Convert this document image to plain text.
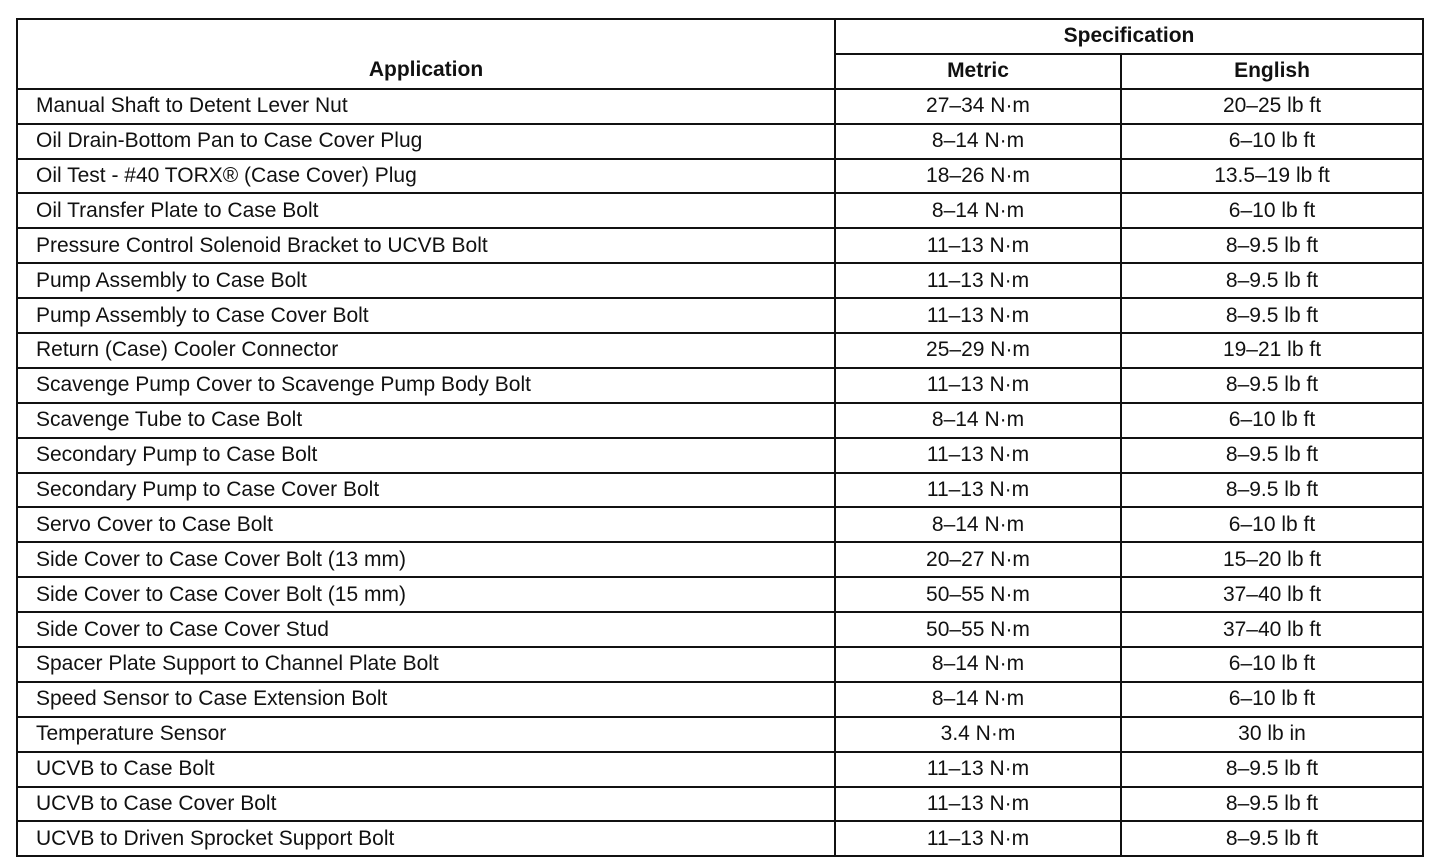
Application	Specification	
	Metric	English
Manual Shaft to Detent Lever Nut	27–34 N·m	20–25 lb ft
Oil Drain-Bottom Pan to Case Cover Plug	8–14 N·m	6–10 lb ft
Oil Test - #40 TORX® (Case Cover) Plug	18–26 N·m	13.5–19 lb ft
Oil Transfer Plate to Case Bolt	8–14 N·m	6–10 lb ft
Pressure Control Solenoid Bracket to UCVB Bolt	11–13 N·m	8–9.5 lb ft
Pump Assembly to Case Bolt	11–13 N·m	8–9.5 lb ft
Pump Assembly to Case Cover Bolt	11–13 N·m	8–9.5 lb ft
Return (Case) Cooler Connector	25–29 N·m	19–21 lb ft
Scavenge Pump Cover to Scavenge Pump Body Bolt	11–13 N·m	8–9.5 lb ft
Scavenge Tube to Case Bolt	8–14 N·m	6–10 lb ft
Secondary Pump to Case Bolt	11–13 N·m	8–9.5 lb ft
Secondary Pump to Case Cover Bolt	11–13 N·m	8–9.5 lb ft
Servo Cover to Case Bolt	8–14 N·m	6–10 lb ft
Side Cover to Case Cover Bolt (13 mm)	20–27 N·m	15–20 lb ft
Side Cover to Case Cover Bolt (15 mm)	50–55 N·m	37–40 lb ft
Side Cover to Case Cover Stud	50–55 N·m	37–40 lb ft
Spacer Plate Support to Channel Plate Bolt	8–14 N·m	6–10 lb ft
Speed Sensor to Case Extension Bolt	8–14 N·m	6–10 lb ft
Temperature Sensor	3.4 N·m	30 lb in
UCVB to Case Bolt	11–13 N·m	8–9.5 lb ft
UCVB to Case Cover Bolt	11–13 N·m	8–9.5 lb ft
UCVB to Driven Sprocket Support Bolt	11–13 N·m	8–9.5 lb ft
